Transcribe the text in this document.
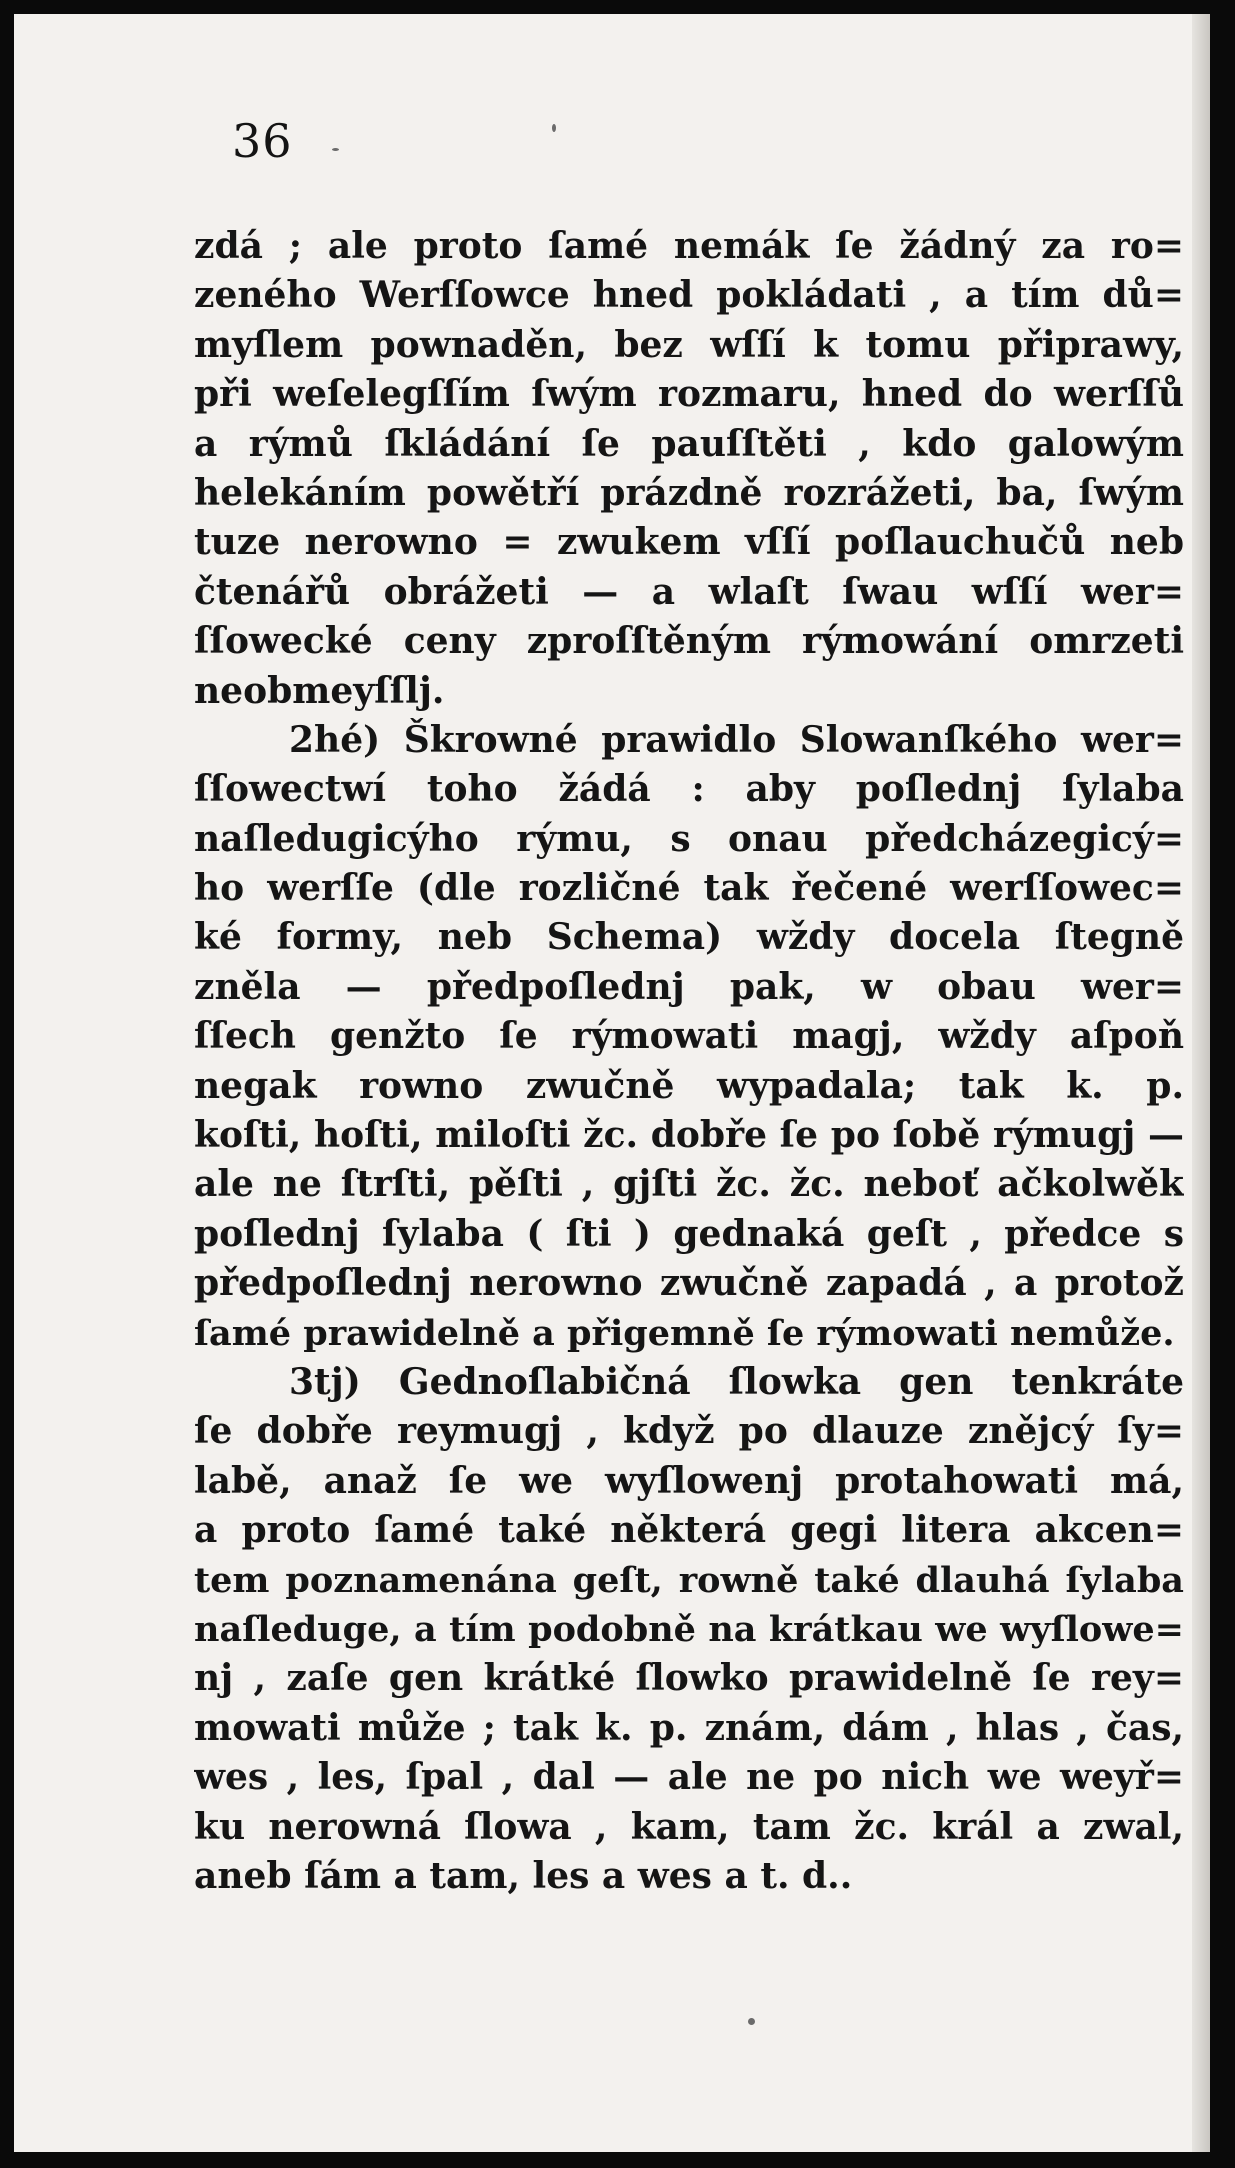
36
zdá ; ale proto ſamé nemák ſe žádný za ro=
zeného Werſſowce hned pokládati , a tím dů=
myſlem pownaděn, bez wſſí k tomu připrawy,
při weſelegſſím ſwým rozmaru, hned do werſſů
a rýmů ſkládání ſe pauſſtěti , kdo galowým
helekáním powětří prázdně rozrážeti, ba, ſwým
tuze nerowno = zwukem vſſí poſlauchučů neb
čtenářů obrážeti — a wlaſt ſwau wſſí wer=
ſſowecké ceny zproſſtěným rýmowání omrzeti
neobmeyſſlj.
2hé) Škrowné prawidlo Slowanſkého wer=
ſſowectwí toho žádá : aby poſlednj ſylaba
naſledugicýho rýmu, s onau předcházegicý=
ho werſſe (dle rozličné tak řečené werſſowec=
ké formy, neb Schema) wždy docela ſtegně
zněla — předpoſlednj pak, w obau wer=
ſſech genžto ſe rýmowati magj, wždy aſpoň
negak rowno zwučně wypadala; tak k. p.
koſti, hoſti, miloſti žc. dobře ſe po ſobě rýmugj —
ale ne ſtrſti, pěſti , gjſti žc. žc. neboť ačkolwěk
poſlednj ſylaba ( ſti ) gednaká geſt , předce s
předpoſlednj nerowno zwučně zapadá , a protož
ſamé prawidelně a přigemně ſe rýmowati nemůže.
3tj) Gednoſlabičná ſlowka gen tenkráte
ſe dobře reymugj , když po dlauze znějcý ſy=
labě, anaž ſe we wyſlowenj protahowati má,
a proto ſamé také některá gegi litera akcen=
tem poznamenána geſt, rowně také dlauhá ſylaba
naſleduge, a tím podobně na krátkau we wyſlowe=
nj , zaſe gen krátké ſlowko prawidelně ſe rey=
mowati může ; tak k. p. znám, dám , hlas , čas,
wes , les, ſpal , dal — ale ne po nich we weyř=
ku nerowná ſlowa , kam, tam žc. král a zwal,
aneb ſám a tam, les a wes a t. d..
